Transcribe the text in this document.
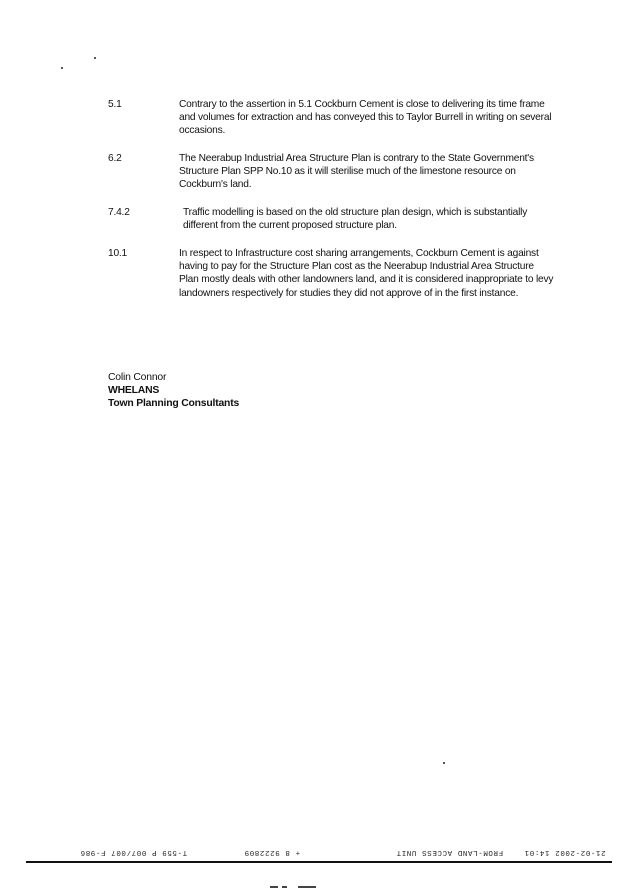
5.1	Contrary to the assertion in 5.1 Cockburn Cement is close to delivering its time frame
and volumes for extraction and has conveyed this to Taylor Burrell in writing on several
occasions.
6.2	The Neerabup Industrial Area Structure Plan is contrary to the State Government's
Structure Plan SPP No.10 as it will sterilise much of the limestone resource on
Cockburn's land.
7.4.2	Traffic modelling is based on the old structure plan design, which is substantially
different from the current proposed structure plan.
10.1	In respect to Infrastructure cost sharing arrangements, Cockburn Cement is against
having to pay for the Structure Plan cost as the Neerabup Industrial Area Structure
Plan mostly deals with other landowners land, and it is considered inappropriate to levy
landowners respectively for studies they did not approve of in the first instance.
Colin Connor
WHELANS
Town Planning Consultants
T-559 P 007/007 F-986	+ 8 9222809	FROM-LAND ACCESS UNIT	21-02-2002 14:01
